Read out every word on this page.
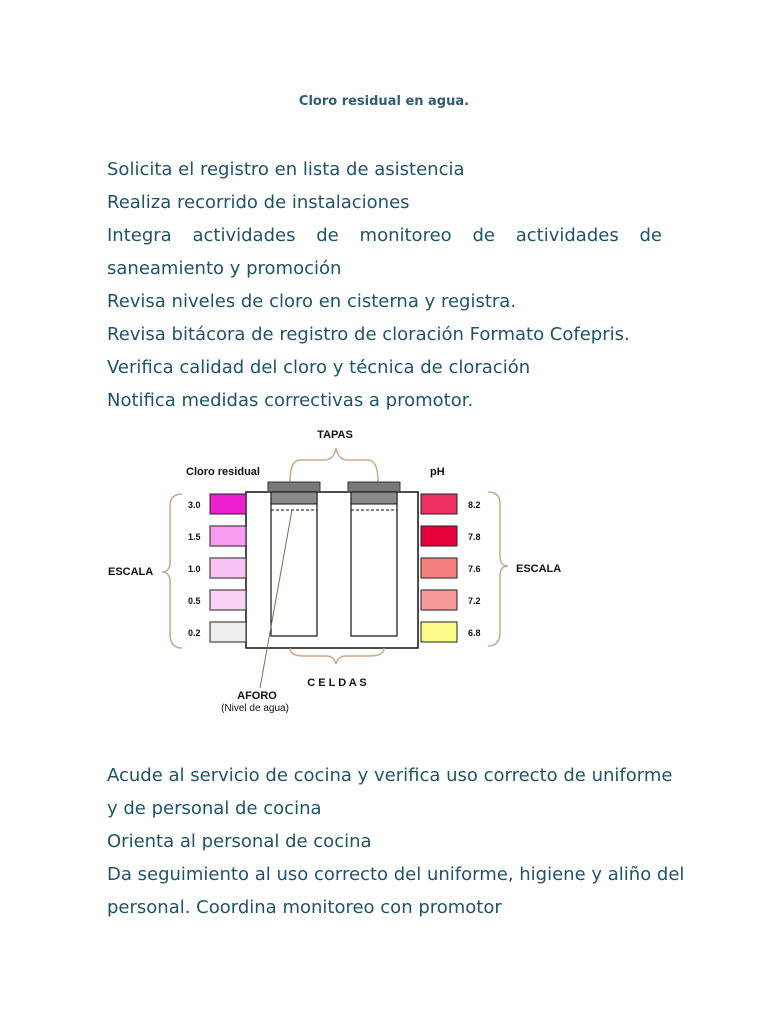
Cloro residual en agua.
Solicita el registro en lista de asistencia
Realiza recorrido de instalaciones
Integra actividades de monitoreo de actividades de
saneamiento y promoción
Revisa niveles de cloro en cisterna y registra.
Revisa bitácora de registro de cloración Formato Cofepris.
Verifica calidad del cloro y técnica de cloración
Notifica medidas correctivas a promotor.
TAPAS
Cloro residual	pH
ESCALA	ESCALA
C E L D A S
AFORO
(Nivel de agua)
3.0
1.5
1.0
0.5
0.2
8.2
7.8
7.6
7.2
6.8
Acude al servicio de cocina y verifica uso correcto de uniforme
y de personal de cocina
Orienta al personal de cocina
Da seguimiento al uso correcto del uniforme, higiene y aliño del
personal. Coordina monitoreo con promotor
